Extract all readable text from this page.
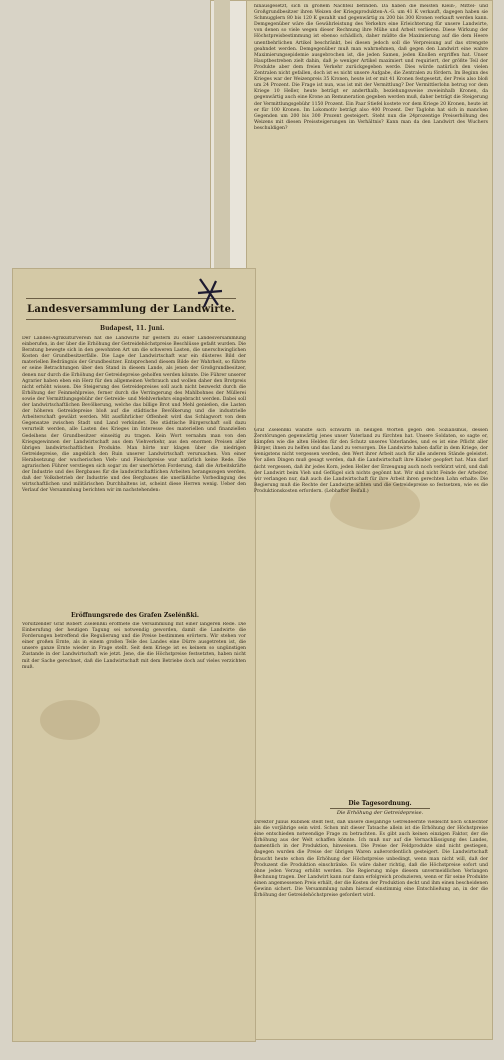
Landesversammlung der Landwirte.
Budapest, 11. Juni.
Der Landes-Agrikulturverein hat die Landwirte für gestern zu einer Landesversammlung einberufen, in der über die Erhöhung der Getreidehöchstpreise Beschlüsse gefaßt wurden. Die Beratung bewegte sich in den gewohnten Art um die schweren Lasten, die unerschwinglichen Kosten der Grundbesitzerfälle. Die Lage der Landwirtschaft war ein düsteres Bild der materiellen Bedrängnis der Grundbesitzer. Entsprechend diesem Bilde der Wahrheit, so führte er seine Betrachtungen über den Stand in diesem Lande, als jenen der Großgrundbesitzer, denen nur durch die Erhöhung der Getreidepreise geholfen werden könnte. Die Führer unserer Agrarier haben eben ein Herz für den allgemeinen Verbrauch und wollen daher den Brotpreis nicht erhöht wissen. Die Steigerung des Getreidepreises soll auch nicht bezweckt durch die Erhöhung der Feinmehlpreise, ferner durch die Verringerung des Mahlbohnes der Müllerei sowie der Vermittlungsgebühr der Getreide- und Mehlverkehrs eingebracht werden. Dabei soll der landwirtschaftlichen Bevölkerung, welche das billige Brot und Mehl genießen, die Lasten der höheren Getreidepreise bloß auf die städtische Bevölkerung und die industrielle Arbeiterschaft gewälzt werden. Mit ausführlicher Offenheit wird das Schlagwort von dem Gegensatze zwischen Stadt und Land verkündet. Die städtische Bürgerschaft soll dazu verurteilt werden, alle Lasten des Krieges im Interesse des materiellen und finanziellen Gedeihens der Grundbesitzer einseitig zu tragen. Kein Wort vernahm man von den Kriegsgewinnen der Landwirtschaft aus dem Viehverkehr, aus den enormen Preisen aller übrigen landwirtschaftlichen Produkte. Man hörte nur klagen über die niedrigen Getreidepreise, die angeblich den Ruin unserer Landwirtschaft verursachen. Von einer Herabsetzung der wucherischen Vieh- und Fleischpreise war natürlich keine Rede. Die agrarischen Führer verstiegen sich sogar zu der unerhörten Forderung, daß die Arbeitskräfte der Industrie und des Bergbaues für die landwirtschaftlichen Arbeiten herangezogen werden, daß der Volksbetrieb der Industrie und des Bergbaues die unerläßliche Vorbedingung des wirtschaftlichen und militärischen Durchhaltens ist, scheint diese Herren wenig. Ueber den Verlauf der Versammlung berichten wir im nachstehenden:
Eröffnungsrede des Grafen Zselénßki.
Vorsitzender Graf Robert Zselénßki eröffnete die Versammlung mit einer längeren Rede. Die Einberufung der heutigen Tagung sei notwendig geworden, damit die Landwirte die Forderungen betreffend die Regulierung und die Preise bestimmen erörtern. Wir stehen vor einer großen Ernte, als in einem großen Teile des Landes eine Dürre ausgetreten ist, die unsere ganze Ernte wieder in Frage stellt. Seit dem Kriege ist es keinem so ungünstigen Zustande in der Landwirtschaft wie jetzt. Jene, die die Höchstpreise festsetzten, haben nicht mit der Sache gerechnet, daß die Landwirtschaft mit dem Betriebe doch auf vieles verzichten muß.
hinausgesetzt, sich in großem Nachteil befinden. Da haben die meisten Klein-, Mittel- und Großgrundbesitzer ihren Weizen der Kriegsprodukten-A.-G. um 41 K verkauft, dagegen haben sie Schmugglern 80 bis 120 K gezahlt und gegenwärtig zu 200 bis 300 Kronen verkauft werden kann. Demgegenüber wäre die Gewährleistung des Verkehrs eine Erleichterung für unsere Landwirte, von denen so viele wegen dieser Rechnung ihre Mühe und Arbeit verlieren. Diese Wirkung der Höchstpreisbestimmung ist ebenso schädlich, daher müßte die Maximierung auf die dem Heere unentbehrlichen Artikel beschränkt, bei diesen jedoch soll die Verpreisung auf das strengste geahndet werden. Demgegenüber muß man wahrnehmen, daß gegen den Landwirt eine wahre Maximierungsepidemie ausgebrochen ist, die jeden Samen, jeden Knollen ergriffen hat. Unser Hauptbestreben zielt dahin, daß je weniger Artikel maximiert und requiriert, der größte Teil der Produkte aber dem freien Verkehr zurückgegeben werde. Dies würde natürlich den vielen Zentralen nicht gefallen, doch ist es nicht unsere Aufgabe, die Zentralen zu fördern. Im Beginn des Krieges war der Weizenpreis 35 Kronen, heute ist er mit 41 Kronen festgesetzt, der Preis also bloß um 24 Prozent. Die Frage ist nun, was ist mit der Vermittlung? Der Vermittlerlohn betrug vor dem Kriege 10 Heller, heute beträgt er anderthalb, beziehungsweise zweieinhalb Kronen, da gegenwärtig auch eine Krone an Remuneration gegeben werden muß, daher beträgt die Steigerung der Vermittlungsgebühr 1150 Prozent. Ein Paar Stiefel kostete vor dem Kriege 20 Kronen, heute ist er für 100 Kronen. Im Lokomotiv beträgt also 400 Prozent. Der Taglohn hat sich in manchen Gegenden um 200 bis 300 Prozent gesteigert. Steht nun die 24prozentige Preiserhöhung des Weizens mit diesen Preissteigerungen im Verhältnis? Kann man da den Landwirt des Wuchers beschuldigen?
Graf Zselénßki wandte sich schwarm in heiligen Worten gegen den Sozialismus, dessen Zerstörungen gegenwärtig jenes unser Vaterland zu fürchten hat. Unsere Soldaten, so sagte er, kämpfen wie die alten Helden für den Schutz unseres Vaterlandes, und es ist eine Pflicht aller Bürger, ihnen zu helfen und das Land zu versorgen. Die Landwirte haben dafür in dem Kriege, der wenigstens nicht vergessen werden, den Wert ihrer Arbeit auch für alle anderen Stände geleistet. Vor allen Dingen muß gesagt werden, daß die Landwirtschaft ihre Kinder geopfert hat. Man darf nicht vergessen, daß ihr jedes Korn, jeden Heller der Erzeugung auch noch verkürzt wird, und daß der Landwirt beim Vieh und Geflügel sich nichts gegönnt hat. Wir sind nicht Feinde der Arbeiter, wir verlangen nur, daß auch die Landwirtschaft für ihre Arbeit ihren gerechten Lohn erhalte. Die Regierung muß die Rechte der Landwirte achten und die Getreidepreise so festsetzen, wie es die Produktionskosten erfordern. (Lebhafter Beifall.)
Die Tagesordnung.
Die Erhöhung der Getreidepreise.
Direktor Julius Rubinek stellt fest, daß unsere diesjährige Getreideernte vielleicht noch schlechter als die vorjährige sein wird. Schon mit dieser Tatsache allein ist die Erhöhung der Höchstpreise eine entschieden notwendige Frage zu betrachten. Es gibt auch keinen einzigen Faktor, der die Erhöhung aus der Welt schaffen könnte. Ich muß nur auf die Vernachlässigung des Landes, namentlich in der Produktion, hinweisen. Die Preise der Feldprodukte sind nicht gestiegen, dagegen wurden die Preise der übrigen Waren außerordentlich gesteigert. Die Landwirtschaft braucht heute schon die Erhöhung der Höchstpreise unbedingt, wenn man nicht will, daß der Produzent die Produktion einschränke. Es wäre daher richtig, daß die Höchstpreise sofort und ohne jeden Verzug erhöht werden. Die Regierung möge diesem unvermeidlichen Verlangen Rechnung tragen. Der Landwirt kann nur dann erfolgreich produzieren, wenn er für seine Produkte einen angemessenen Preis erhält, der die Kosten der Produktion deckt und ihm einen bescheidenen Gewinn sichert. Die Versammlung nahm hierauf einstimmig eine Entschließung an, in der die Erhöhung der Getreidehöchstpreise gefordert wird.
